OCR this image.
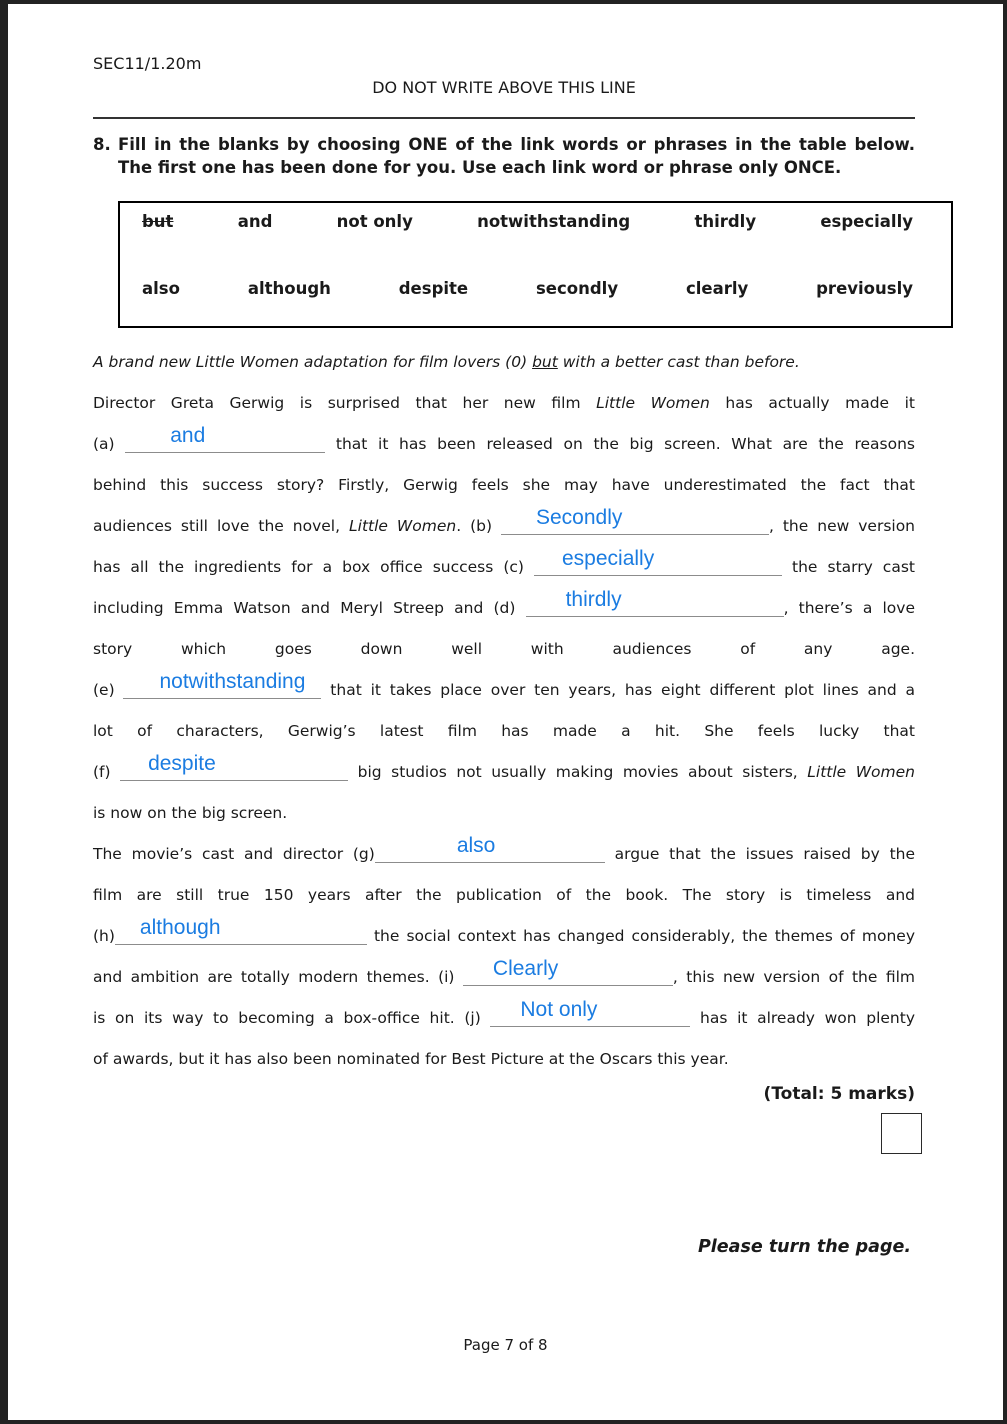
SEC11/1.20m
DO NOT WRITE ABOVE THIS LINE
8. Fill in the blanks by choosing ONE of the link words or phrases in the table below.
The first one has been done for you. Use each link word or phrase only ONCE.
but	and	not only	notwithstanding	thirdly	especially
also	although	despite	secondly	clearly	previously
A brand new Little Women adaptation for film lovers (0) but with a better cast than before.
Director Greta Gerwig is surprised that her new film Little Women has actually made it
(a) and	that it has been released on the big screen. What are the reasons
behind this success story? Firstly, Gerwig feels she may have underestimated the fact that
audiences still love the novel, Little Women. (b) Secondly	, the new version
has all the ingredients for a box office success (c) especially	the starry cast
including Emma Watson and Meryl Streep and (d) thirdly	, there’s a love
story which goes down well with audiences of any age.
(e) notwithstanding that it takes place over ten years, has eight different plot lines and a
lot of characters, Gerwig’s latest film has made a hit. She feels lucky that
(f) despite	big studios not usually making movies about sisters, Little Women
is now on the big screen.
The movie’s cast and director (g)	also	argue that the issues raised by the
film are still true 150 years after the publication of the book. The story is timeless and
(h) although	the social context has changed considerably, the themes of money
and ambition are totally modern themes. (i) Clearly	, this new version of the film
is on its way to becoming a box-office hit. (j) Not only	has it already won plenty
of awards, but it has also been nominated for Best Picture at the Oscars this year.
(Total: 5 marks)
Please turn the page.
Page 7 of 8
